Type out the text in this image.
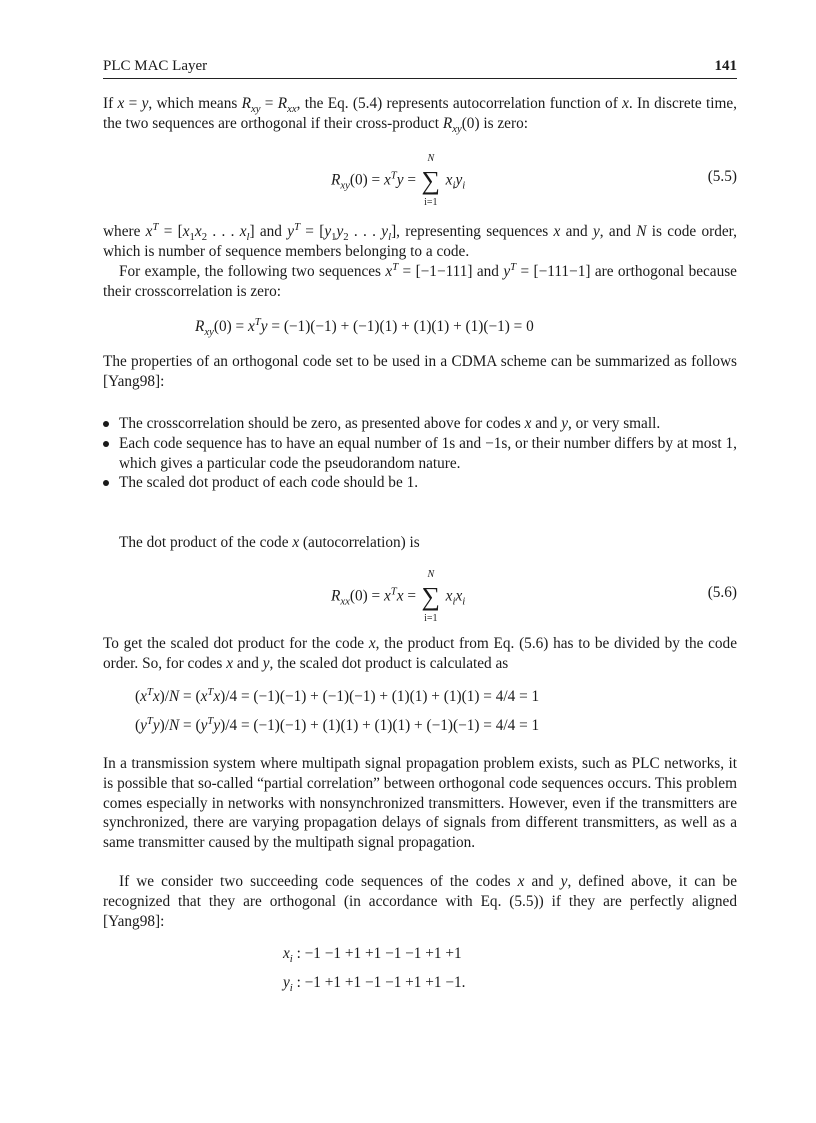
PLC MAC Layer	141

If x = y, which means $R_{xy} = R_{xx}$, the Eq. (5.4) represents autocorrelation function of x. In discrete time, the two sequences are orthogonal if their cross-product $R_{xy}(0)$ is zero:

$R_{xy}(0) = x^Ty$ =
N
∑
i=1
$x_iy_i$
(5.5)

where $x^T = [x_1x_2$ . . . $x_l$] and $y^T = [y_1y_2$ . . . $y_l$], representing sequences x and y, and N is code order, which is number of sequence members belonging to a code.

For example, the following two sequences $x^T = [-1-111]$ and $y^T = [-111-1]$ are orthogonal because their crosscorrelation is zero:

$R_{xy}(0) = x^Ty = (-1)(-1) + (-1)(1) + (1)(1) + (1)(-1) = 0$

The properties of an orthogonal code set to be used in a CDMA scheme can be summarized as follows [Yang98]:

The crosscorrelation should be zero, as presented above for codes x and y, or very small.
Each code sequence has to have an equal number of 1s and −1s, or their number differs by at most 1, which gives a particular code the pseudorandom nature.
The scaled dot product of each code should be 1.

The dot product of the code x (autocorrelation) is

$R_{xx}(0) = x^Tx$ =
N
∑
i=1
$x_ix_i$
(5.6)

To get the scaled dot product for the code x, the product from Eq. (5.6) has to be divided by the code order. So, for codes x and y, the scaled dot product is calculated as

$(x^Tx)/N = (x^Tx)/4 = (-1)(-1) + (-1)(-1) + (1)(1) + (1)(1) = 4/4 = 1$
$(y^Ty)/N = (y^Ty)/4 = (-1)(-1) + (1)(1) + (1)(1) + (-1)(-1) = 4/4 = 1$

In a transmission system where multipath signal propagation problem exists, such as PLC networks, it is possible that so-called “partial correlation” between orthogonal code sequences occurs. This problem comes especially in networks with nonsynchronized transmitters. However, even if the transmitters are synchronized, there are varying propagation delays of signals from different transmitters, as well as a same transmitter caused by the multipath signal propagation.

If we consider two succeeding code sequences of the codes x and y, defined above, it can be recognized that they are orthogonal (in accordance with Eq. (5.5)) if they are perfectly aligned [Yang98]:

$x_i$ : −1 −1 +1 +1 −1 −1 +1 +1
$y_i$ : −1 +1 +1 −1 −1 +1 +1 −1.
